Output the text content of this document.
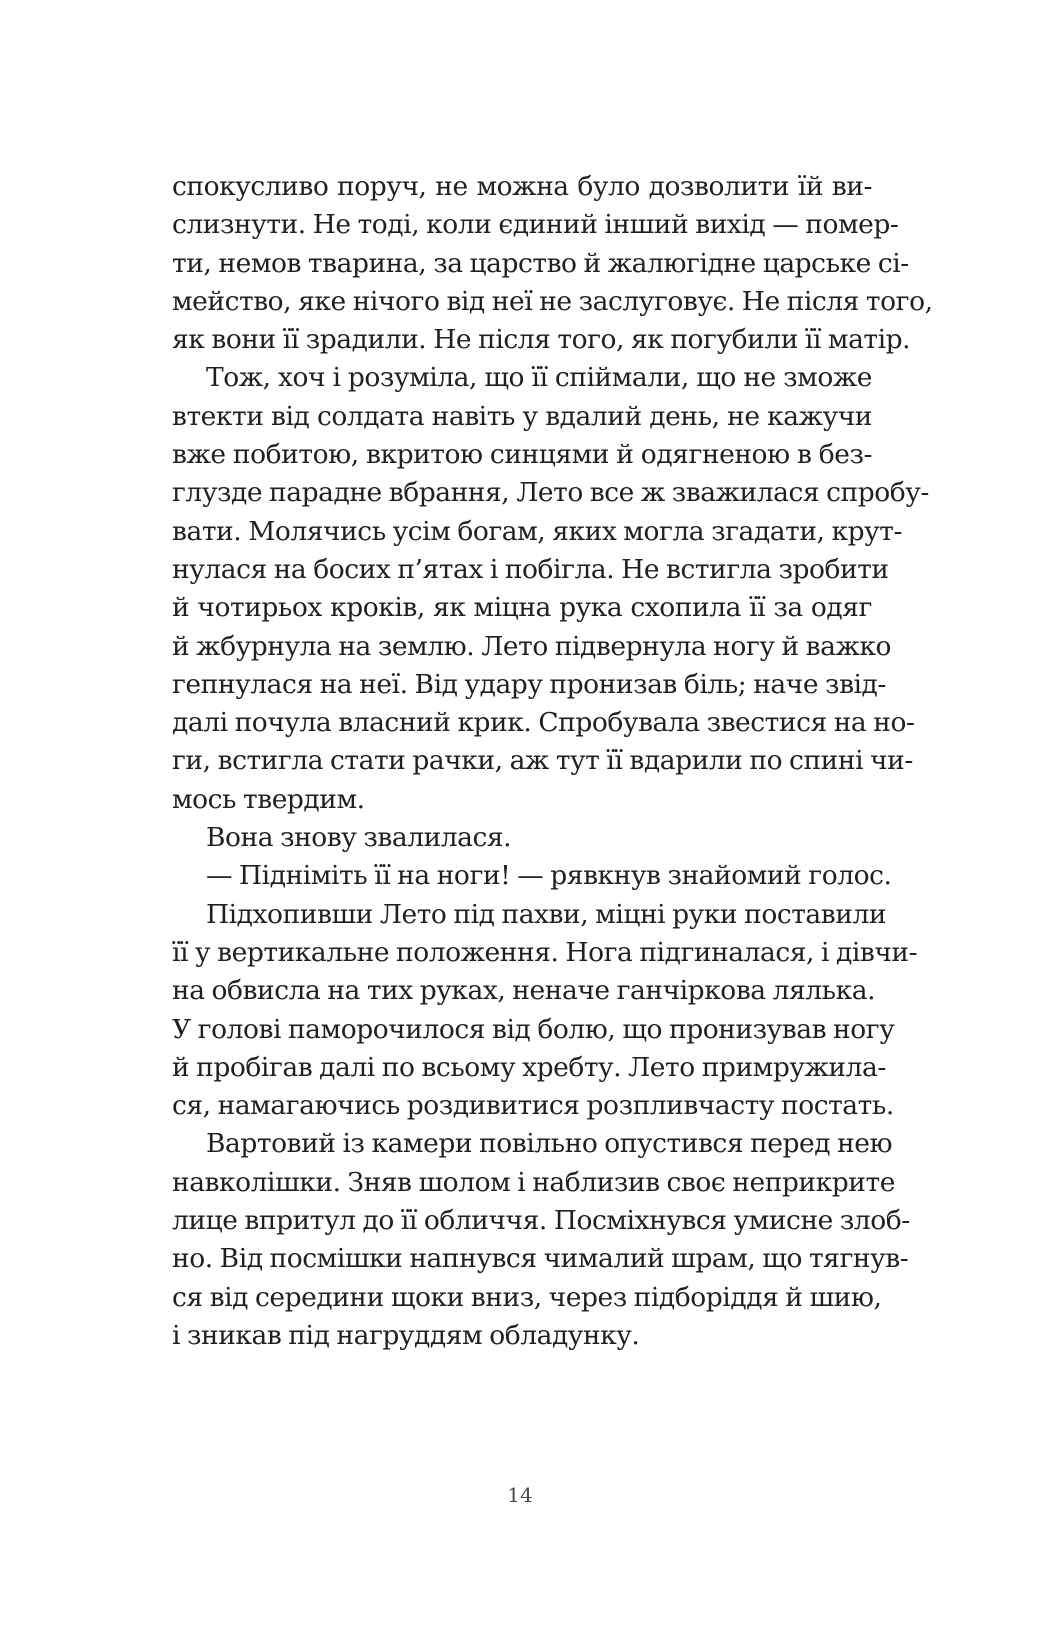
спокусливо поруч, не можна було дозволити їй ви-
слизнути. Не тоді, коли єдиний інший вихід — помер-
ти, немов тварина, за царство й жалюгідне царське сі-
мейство, яке нічого від неї не заслуговує. Не після того,
як вони її зрадили. Не після того, як погубили її матір.
Тож, хоч і розуміла, що її спіймали, що не зможе
втекти від солдата навіть у вдалий день, не кажучи
вже побитою, вкритою синцями й одягненою в без-
глузде парадне вбрання, Лето все ж зважилася спробу-
вати. Молячись усім богам, яких могла згадати, крут-
нулася на босих п’ятах і побігла. Не встигла зробити
й чотирьох кроків, як міцна рука схопила її за одяг
й жбурнула на землю. Лето підвернула ногу й важко
гепнулася на неї. Від удару пронизав біль; наче звід-
далі почула власний крик. Спробувала звестися на но-
ги, встигла стати рачки, аж тут її вдарили по спині чи-
мось твердим.
Вона знову звалилася.
— Підніміть її на ноги! — рявкнув знайомий голос.
Підхопивши Лето під пахви, міцні руки поставили
її у вертикальне положення. Нога підгиналася, і дівчи-
на обвисла на тих руках, неначе ганчіркова лялька.
У голові паморочилося від болю, що пронизував ногу
й пробігав далі по всьому хребту. Лето примружила-
ся, намагаючись роздивитися розпливчасту постать.
Вартовий із камери повільно опустився перед нею
навколішки. Зняв шолом і наблизив своє неприкрите
лице впритул до її обличчя. Посміхнувся умисне злоб-
но. Від посмішки напнувся чималий шрам, що тягнув-
ся від середини щоки вниз, через підборіддя й шию,
і зникав під нагруддям обладунку.
14
